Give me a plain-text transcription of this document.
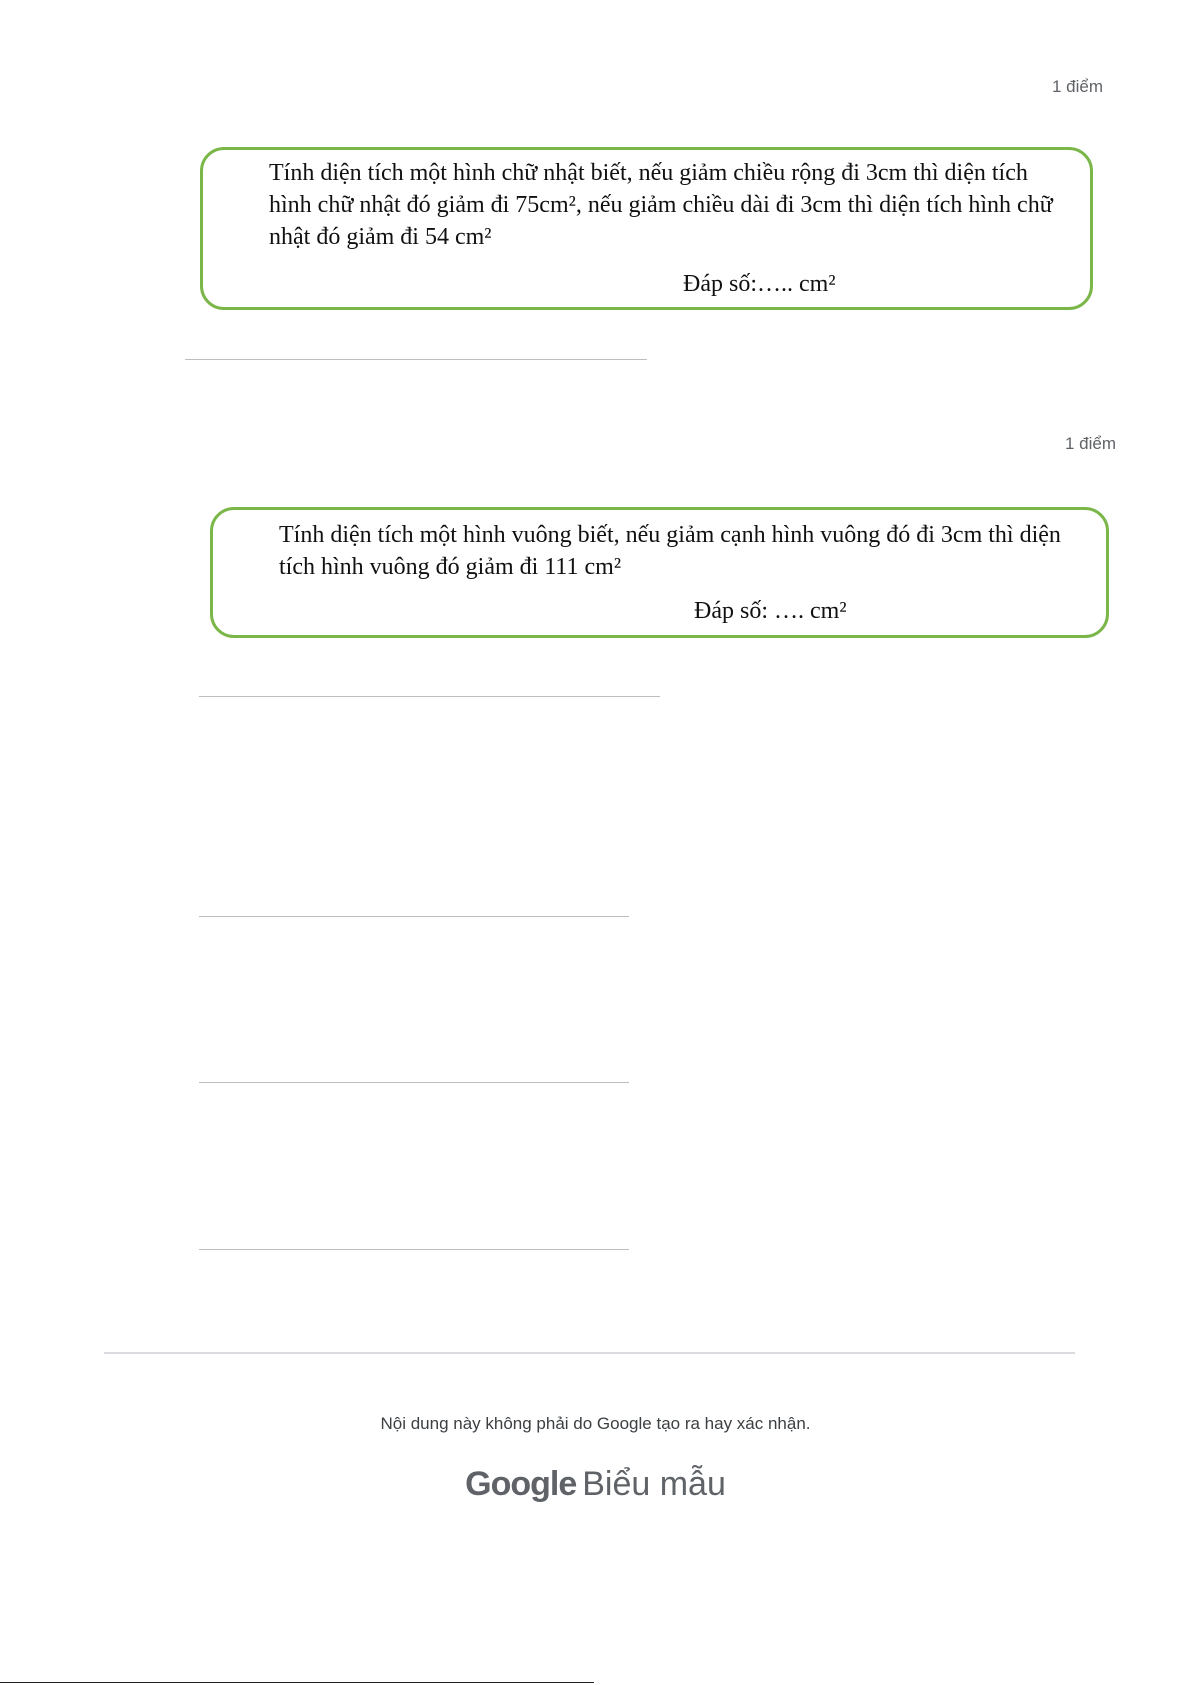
1 điểm
Tính diện tích một hình chữ nhật biết, nếu giảm chiều rộng đi 3cm thì diện tích
hình chữ nhật đó giảm đi 75cm², nếu giảm chiều dài đi 3cm thì diện tích hình chữ
nhật đó giảm đi 54 cm²
Đáp số:….. cm²
1 điểm
Tính diện tích một hình vuông biết, nếu giảm cạnh hình vuông đó đi 3cm thì diện
tích hình vuông đó giảm đi 111 cm²
Đáp số: …. cm²
Nội dung này không phải do Google tạo ra hay xác nhận.
Google Biểu mẫu
